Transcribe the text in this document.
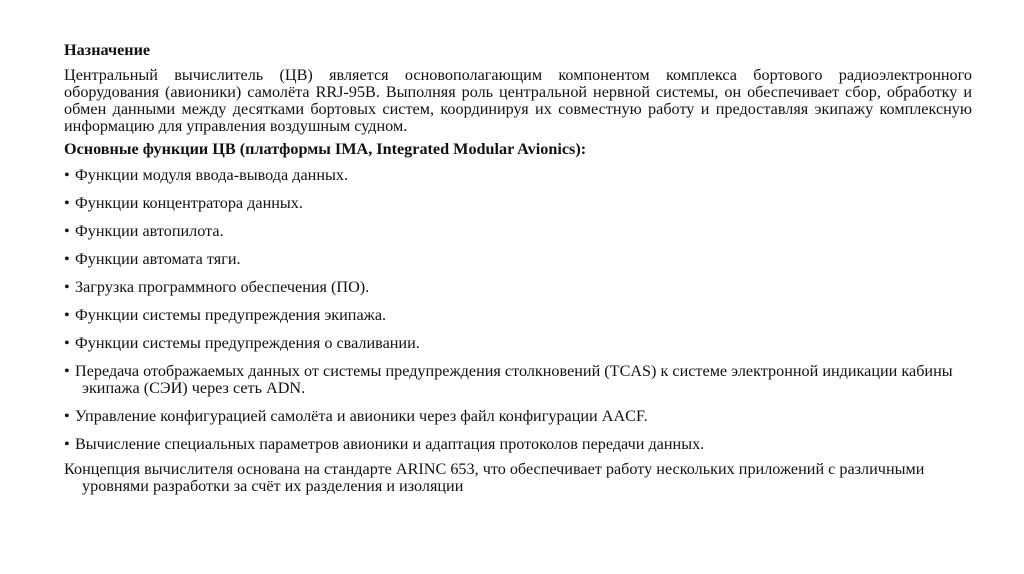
Назначение

Центральный вычислитель (ЦВ) является основополагающим компонентом комплекса бортового радиоэлектронного оборудования (авионики) самолёта RRJ-95B. Выполняя роль центральной нервной системы, он обеспечивает сбор, обработку и обмен данными между десятками бортовых систем, координируя их совместную работу и предоставляя экипажу комплексную информацию для управления воздушным судном.

Основные функции ЦВ (платформы IMA, Integrated Modular Avionics):

• Функции модуля ввода-вывода данных.
• Функции концентратора данных.
• Функции автопилота.
• Функции автомата тяги.
• Загрузка программного обеспечения (ПО).
• Функции системы предупреждения экипажа.
• Функции системы предупреждения о сваливании.
• Передача отображаемых данных от системы предупреждения столкновений (TCAS) к системе электронной индикации кабины экипажа (СЭИ) через сеть ADN.
• Управление конфигурацией самолёта и авионики через файл конфигурации AACF.
• Вычисление специальных параметров авионики и адаптация протоколов передачи данных.

Концепция вычислителя основана на стандарте ARINC 653, что обеспечивает работу нескольких приложений с различными уровнями разработки за счёт их разделения и изоляции
